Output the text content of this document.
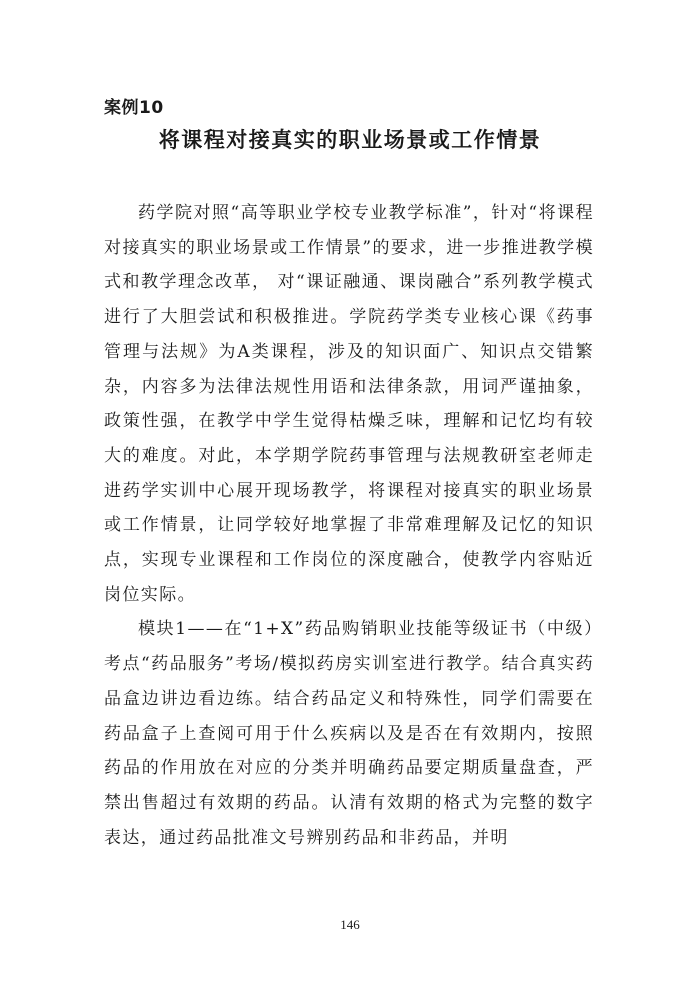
案例10
将课程对接真实的职业场景或工作情景

药学院对照“高等职业学校专业教学标准”，针对“将课程对接真实的职业场景或工作情景”的要求，进一步推进教学模式和教学理念改革， 对“课证融通、课岗融合”系列教学模式进行了大胆尝试和积极推进。学院药学类专业核心课《药事管理与法规》为A类课程，涉及的知识面广、知识点交错繁杂，内容多为法律法规性用语和法律条款，用词严谨抽象，政策性强，在教学中学生觉得枯燥乏味，理解和记忆均有较大的难度。对此，本学期学院药事管理与法规教研室老师走进药学实训中心展开现场教学，将课程对接真实的职业场景或工作情景，让同学较好地掌握了非常难理解及记忆的知识点，实现专业课程和工作岗位的深度融合，使教学内容贴近岗位实际。

模块1——在“1+X”药品购销职业技能等级证书（中级）考点“药品服务”考场/模拟药房实训室进行教学。结合真实药品盒边讲边看边练。结合药品定义和特殊性，同学们需要在药品盒子上查阅可用于什么疾病以及是否在有效期内，按照药品的作用放在对应的分类并明确药品要定期质量盘查，严禁出售超过有效期的药品。认清有效期的格式为完整的数字表达，通过药品批准文号辨别药品和非药品，并明

146
